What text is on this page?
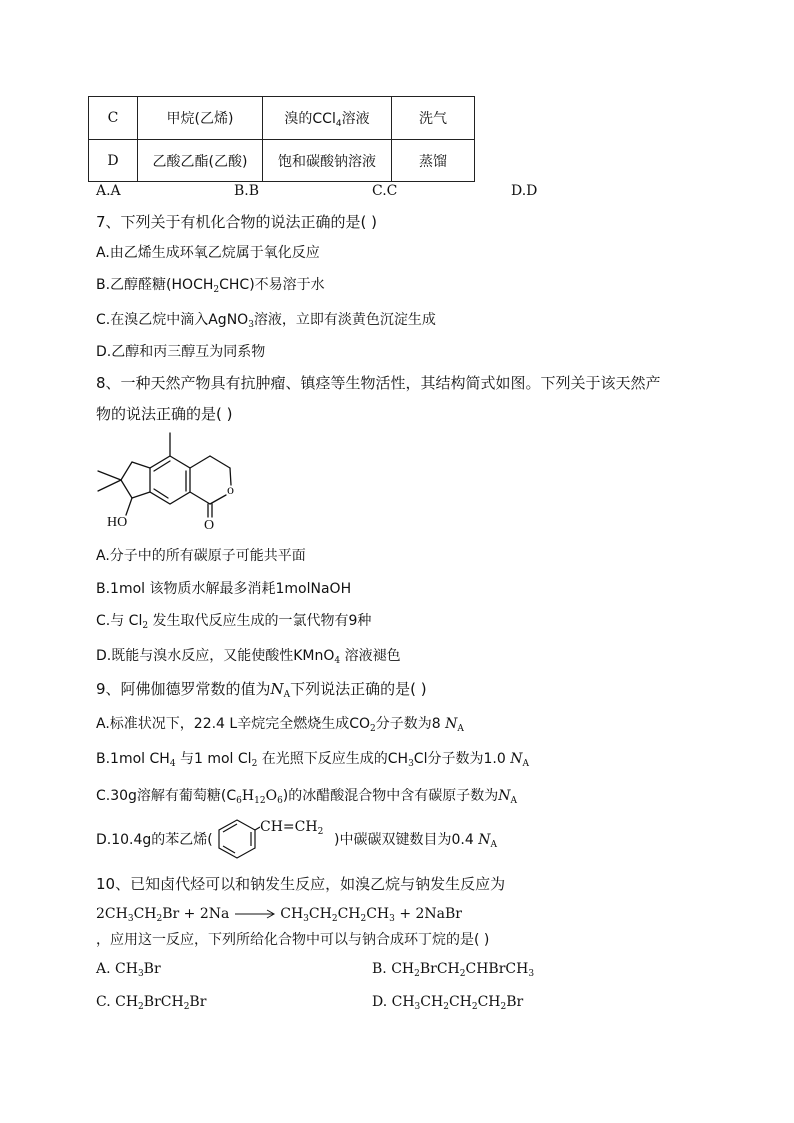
C	甲烷(乙烯)	溴的CCl$_4$溶液	洗气
D	乙酸乙酯(乙酸)	饱和碳酸钠溶液	蒸馏
A.A	B.B	C.C	D.D
7、下列关于有机化合物的说法正确的是( )
A.由乙烯生成环氧乙烷属于氧化反应
B.乙醇醛糖$(HOCH_2CHC)$不易溶于水
C.在溴乙烷中滴入AgNO$_3$溶液，立即有淡黄色沉淀生成
D.乙醇和丙三醇互为同系物
8、一种天然产物具有抗肿瘤、镇痉等生物活性，其结构简式如图。下列关于该天然产
物的说法正确的是( )
HO
o
O
A.分子中的所有碳原子可能共平面
B.1mol 该物质水解最多消耗1molNaOH
C.与 $Cl_2$ 发生取代反应生成的一氯代物有9种
D.既能与溴水反应，又能使酸性KMnO$_4$ 溶液褪色
9、阿佛伽德罗常数的值为$N_A$下列说法正确的是( )
A.标准状况下，22.4 L辛烷完全燃烧生成$CO_2$分子数为8 $N_A$
B.1mol $CH_4$ 与1 mol $Cl_2$ 在光照下反应生成的$CH_3Cl$分子数为1.0 $N_A$
C.30g溶解有葡萄糖$(C_6H_{12}O_6)$的冰醋酸混合物中含有碳原子数为$N_A$
D.10.4g的苯乙烯(
$CH=CH_2$ )中碳碳双键数目为0.4 $N_A$
10、已知卤代烃可以和钠发生反应，如溴乙烷与钠发生反应为
$2CH_3CH_2Br + 2Na \to CH_3CH_2CH_2CH_3$ + 2NaBr
，应用这一反应，下列所给化合物中可以与钠合成环丁烷的是( )
A. $CH_3Br$	B. $CH_2BrCH_2CHBrCH_3$
C. $CH_2BrCH_2Br$	D. $CH_3CH_2CH_2CH_2Br$
